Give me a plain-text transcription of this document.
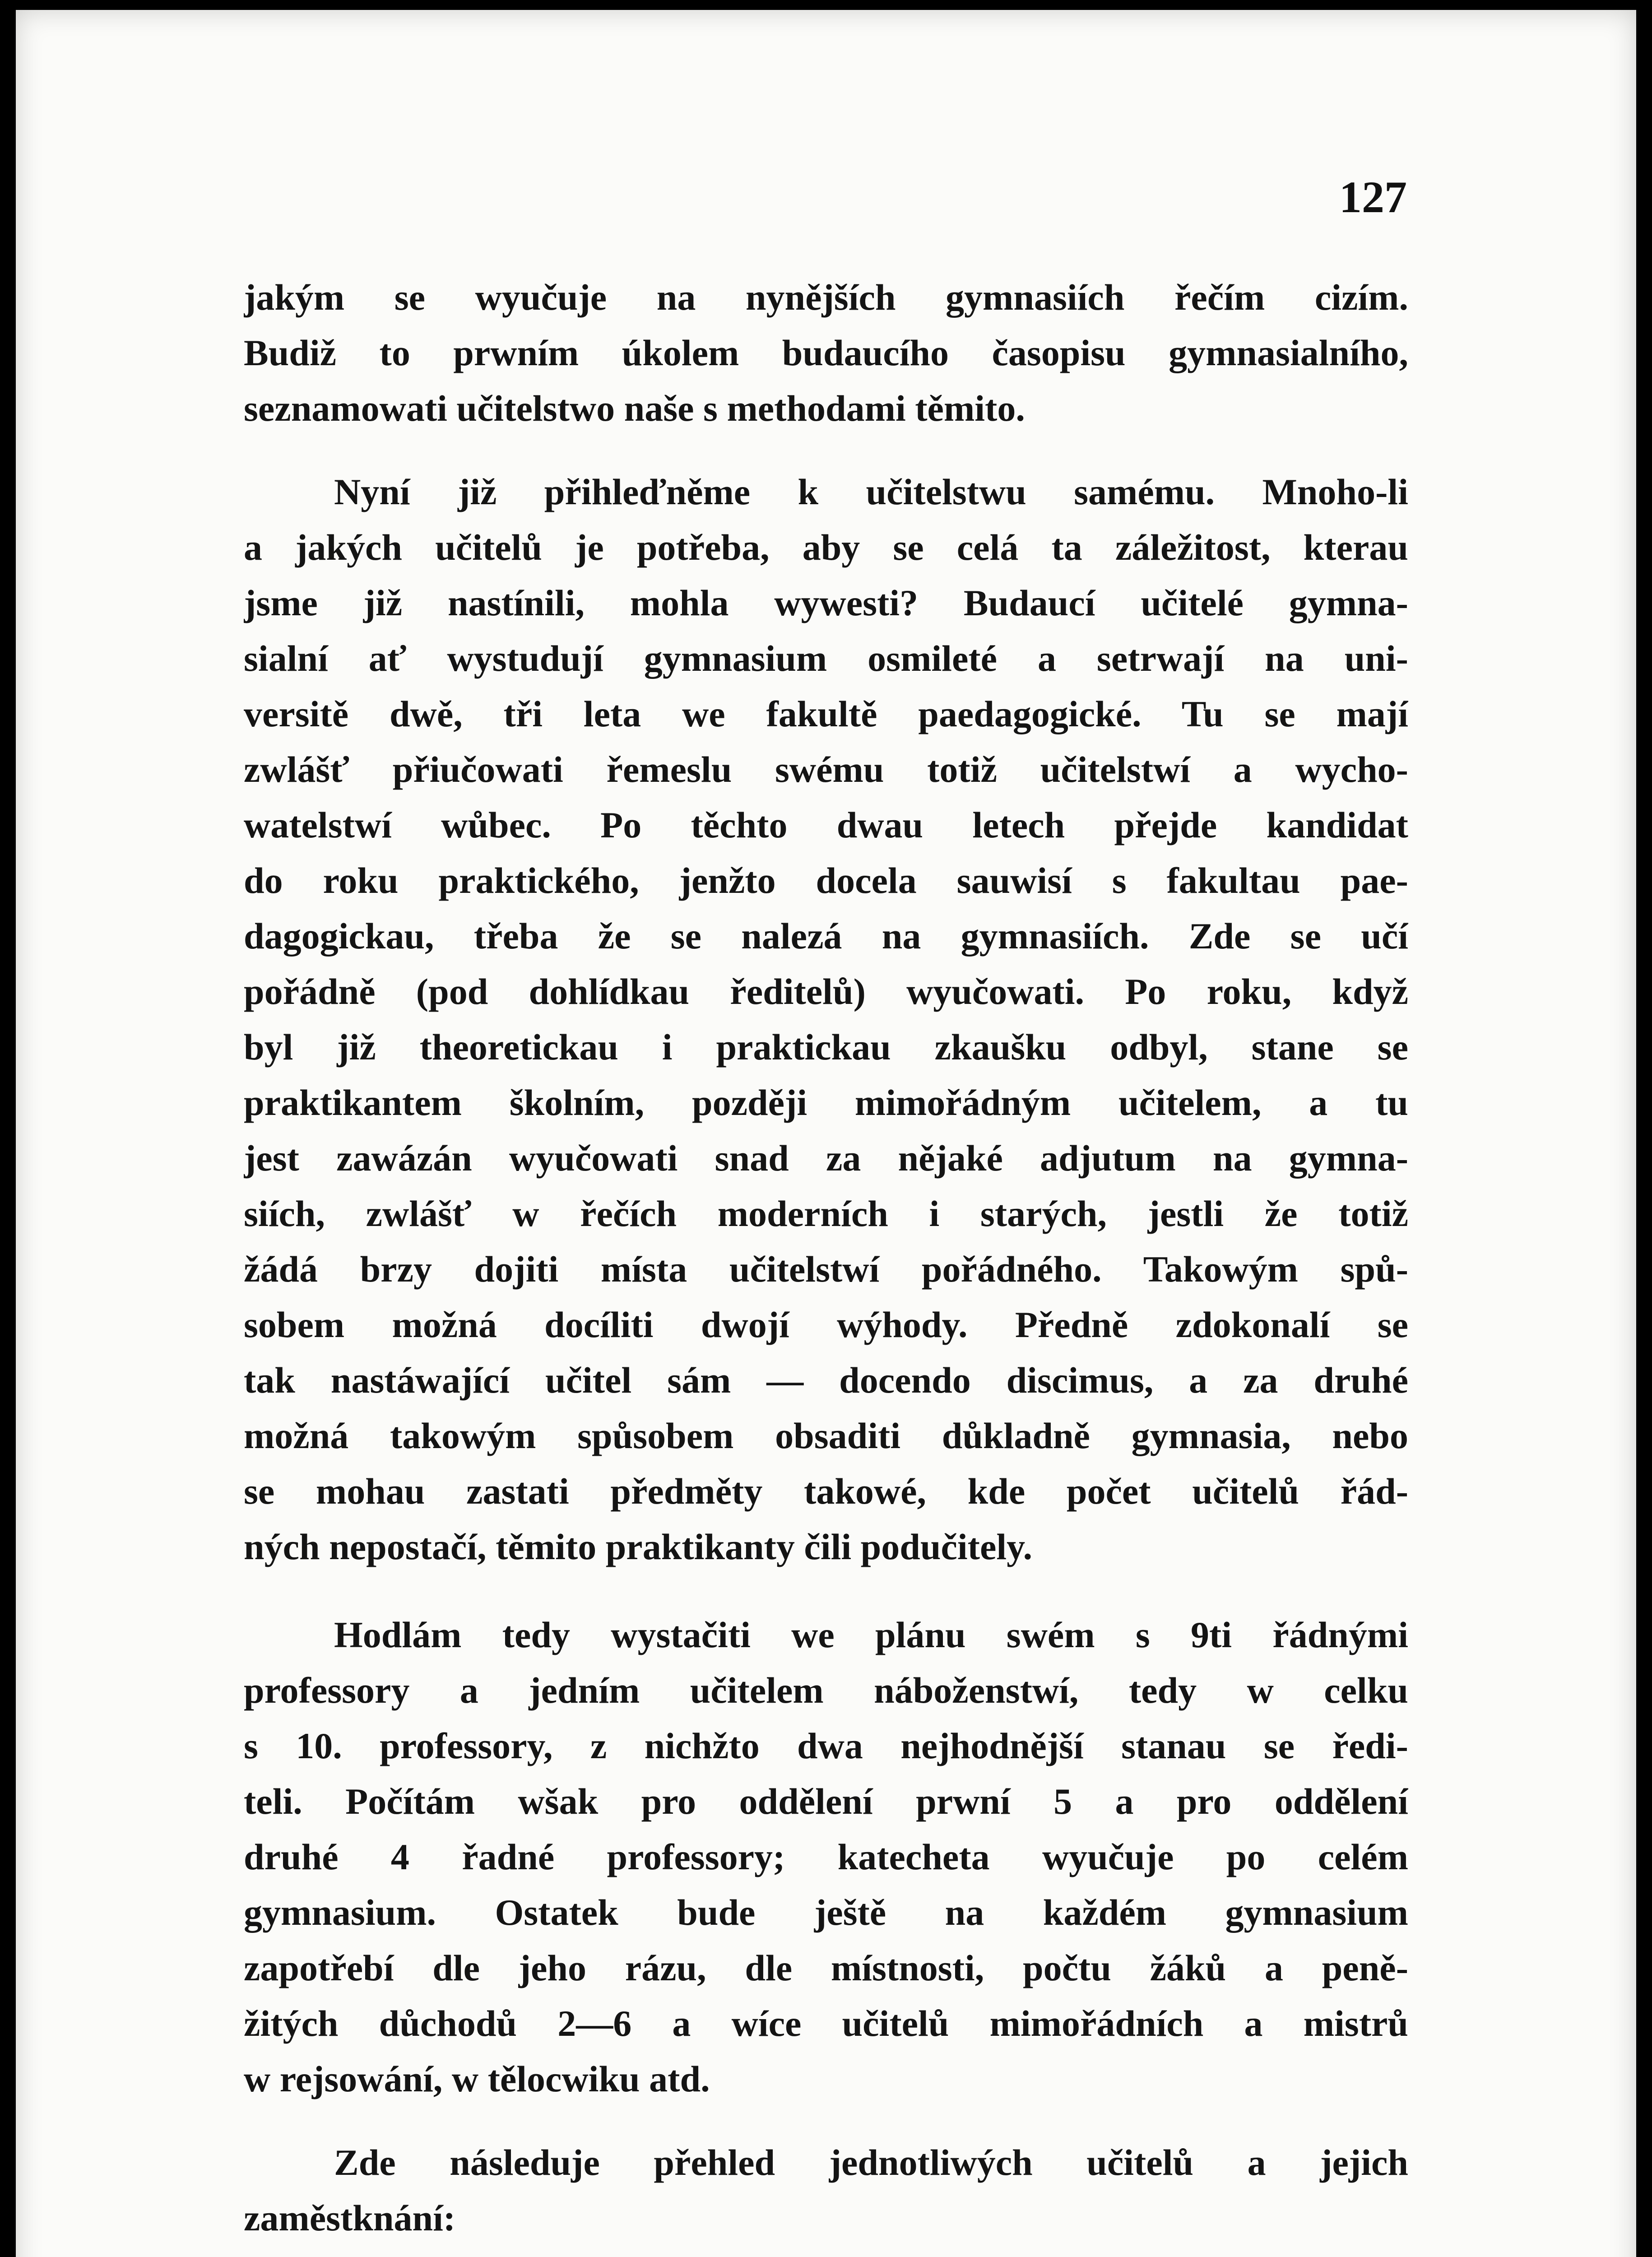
127
jakým se wyučuje na nynějších gymnasiích řečím cizím.
Budiž to prwním úkolem budaucího časopisu gymnasialního,
seznamowati učitelstwo naše s methodami těmito.
Nyní již přihleďněme k učitelstwu samému. Mnoho-li
a jakých učitelů je potřeba, aby se celá ta záležitost, kterau
jsme již nastínili, mohla wywesti? Budaucí učitelé gymna-
sialní ať wystudují gymnasium osmileté a setrwají na uni-
versitě dwě, tři leta we fakultě paedagogické. Tu se mají
zwlášť přiučowati řemeslu swému totiž učitelstwí a wycho-
watelstwí wůbec. Po těchto dwau letech přejde kandidat
do roku praktického, jenžto docela sauwisí s fakultau pae-
dagogickau, třeba že se nalezá na gymnasiích. Zde se učí
pořádně (pod dohlídkau ředitelů) wyučowati. Po roku, když
byl již theoretickau i praktickau zkaušku odbyl, stane se
praktikantem školním, později mimořádným učitelem, a tu
jest zawázán wyučowati snad za nějaké adjutum na gymna-
siích, zwlášť w řečích moderních i starých, jestli že totiž
žádá brzy dojiti místa učitelstwí pořádného. Takowým spů-
sobem možná docíliti dwojí wýhody. Předně zdokonalí se
tak nastáwající učitel sám — docendo discimus, a za druhé
možná takowým spůsobem obsaditi důkladně gymnasia, nebo
se mohau zastati předměty takowé, kde počet učitelů řád-
ných nepostačí, těmito praktikanty čili podučitely.
Hodlám tedy wystačiti we plánu swém s 9ti řádnými
professory a jedním učitelem náboženstwí, tedy w celku
s 10. professory, z nichžto dwa nejhodnější stanau se ředi-
teli. Počítám wšak pro oddělení prwní 5 a pro oddělení
druhé 4 řadné professory; katecheta wyučuje po celém
gymnasium. Ostatek bude ještě na každém gymnasium
zapotřebí dle jeho rázu, dle místnosti, počtu žáků a peně-
žitých důchodů 2—6 a wíce učitelů mimořádních a mistrů
w rejsowání, w tělocwiku atd.
Zde následuje přehled jednotliwých učitelů a jejich
zaměstknání:
